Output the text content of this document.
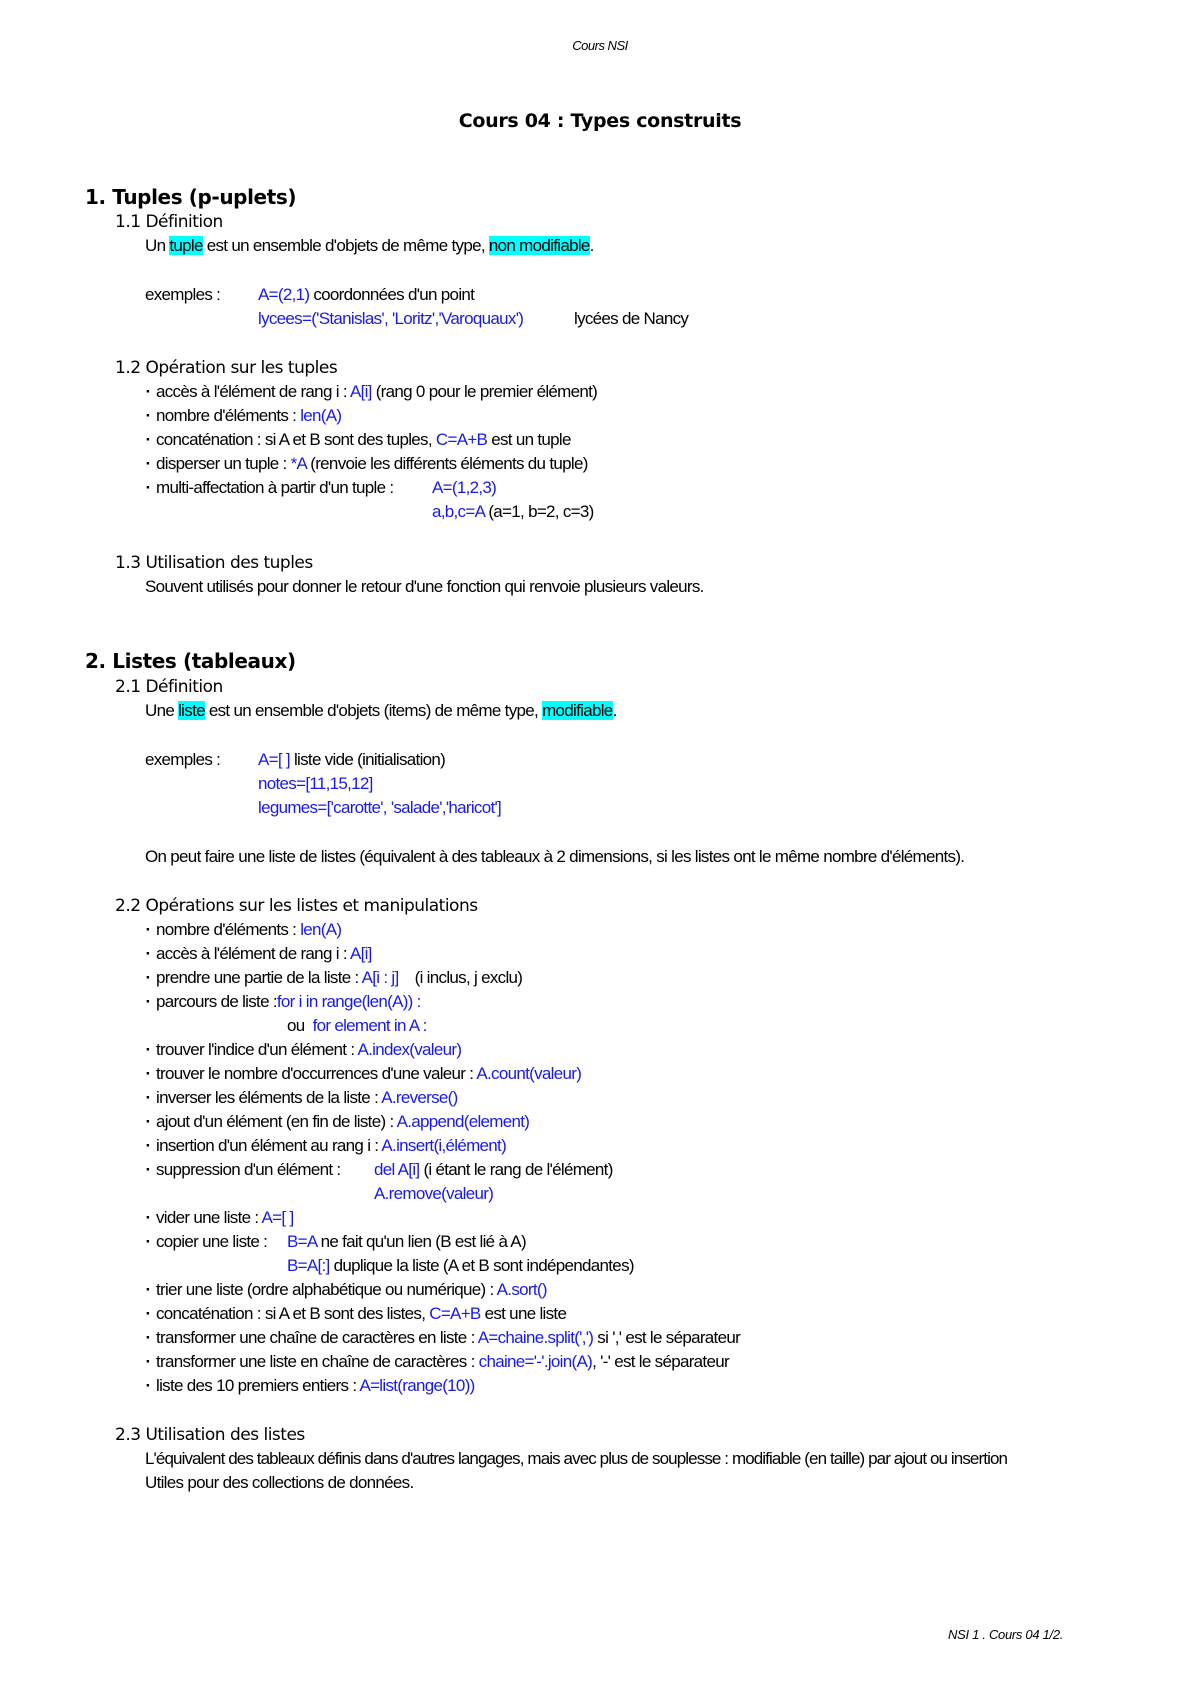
Cours NSI
Cours 04 : Types construits
1. Tuples (p-uplets)
1.1 Définition
Un tuple est un ensemble d'objets de même type, non modifiable.
exemples : A=(2,1) coordonnées d'un point
lycees=('Stanislas', 'Loritz','Varoquaux')	lycées de Nancy
1.2 Opération sur les tuples
· accès à l'élément de rang i : A[i] (rang 0 pour le premier élément)
· nombre d'éléments : len(A)
· concaténation : si A et B sont des tuples, C=A+B est un tuple
· disperser un tuple : *A (renvoie les différents éléments du tuple)
· multi-affectation à partir d'un tuple : A=(1,2,3)
a,b,c=A (a=1, b=2, c=3)
1.3 Utilisation des tuples
Souvent utilisés pour donner le retour d'une fonction qui renvoie plusieurs valeurs.
2. Listes (tableaux)
2.1 Définition
Une liste est un ensemble d'objets (items) de même type, modifiable.
exemples : A=[ ] liste vide (initialisation)
notes=[11,15,12]
legumes=['carotte', 'salade','haricot']
On peut faire une liste de listes (équivalent à des tableaux à 2 dimensions, si les listes ont le même nombre d'éléments).
2.2 Opérations sur les listes et manipulations
· nombre d'éléments : len(A)
· accès à l'élément de rang i : A[i]
· prendre une partie de la liste : A[i : j]    (i inclus, j exclu)
· parcours de liste :for i in range(len(A)) :
ou  for element in A :
· trouver l'indice d'un élément : A.index(valeur)
· trouver le nombre d'occurrences d'une valeur : A.count(valeur)
· inverser les éléments de la liste : A.reverse()
· ajout d'un élément (en fin de liste) : A.append(element)
· insertion d'un élément au rang i : A.insert(i,élément)
· suppression d'un élément : del A[i] (i étant le rang de l'élément)
A.remove(valeur)
· vider une liste : A=[ ]
· copier une liste : B=A ne fait qu'un lien (B est lié à A)
B=A[:] duplique la liste (A et B sont indépendantes)
· trier une liste (ordre alphabétique ou numérique) : A.sort()
· concaténation : si A et B sont des listes, C=A+B est une liste
· transformer une chaîne de caractères en liste : A=chaine.split(',') si ',' est le séparateur
· transformer une liste en chaîne de caractères : chaine='-'.join(A), '-' est le séparateur
· liste des 10 premiers entiers : A=list(range(10))
2.3 Utilisation des listes
L'équivalent des tableaux définis dans d'autres langages, mais avec plus de souplesse : modifiable (en taille) par ajout ou insertion
Utiles pour des collections de données.
NSI 1 . Cours 04 1/2.
